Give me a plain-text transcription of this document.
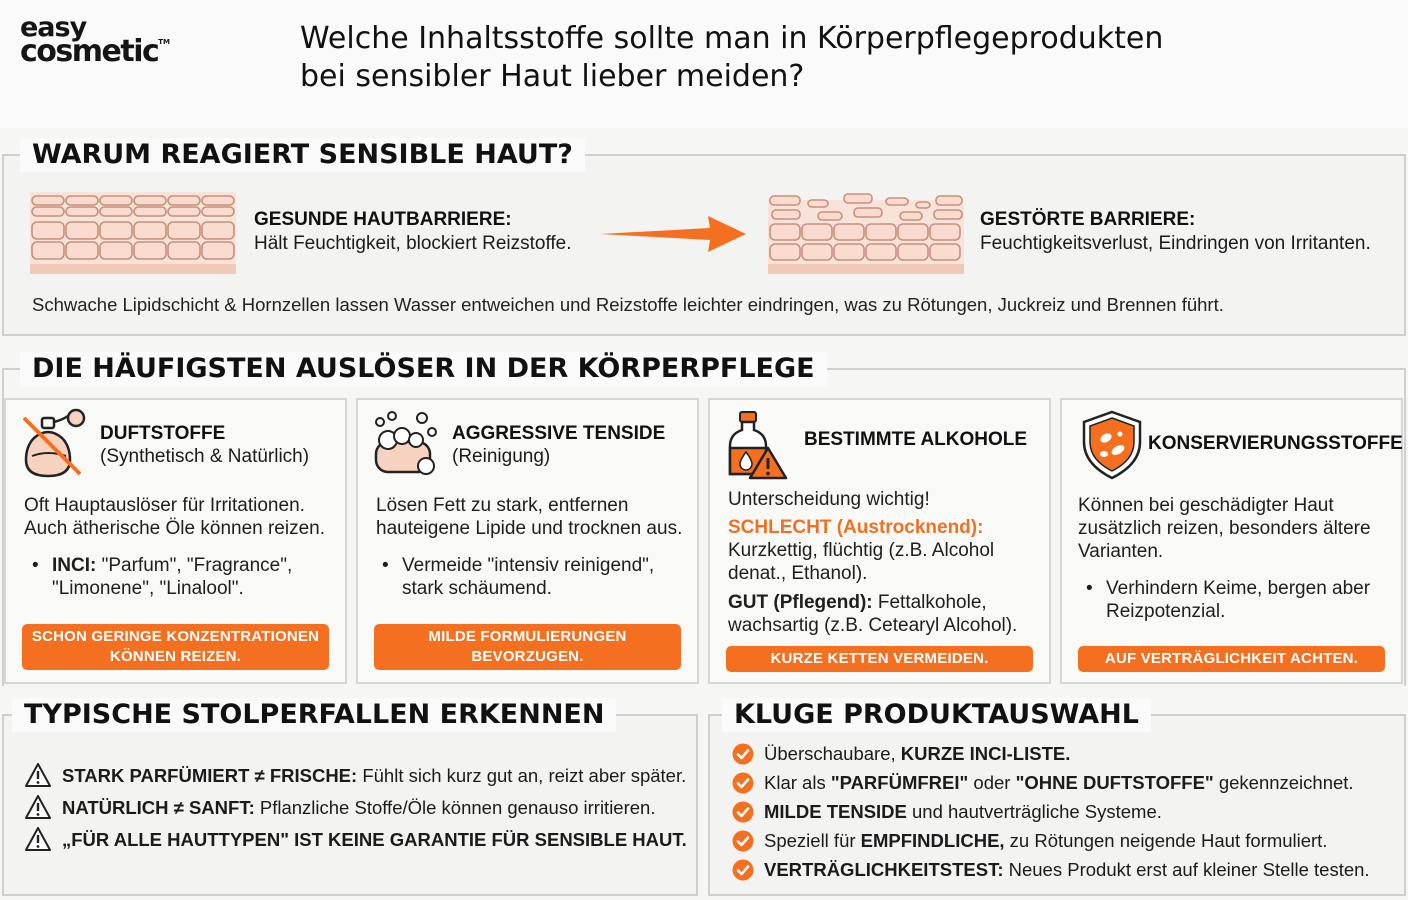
easy
cosmetic™	Welche Inhaltsstoffe sollte man in Körperpflegeprodukten
bei sensibler Haut lieber meiden?
WARUM REAGIERT SENSIBLE HAUT?
GESUNDE HAUTBARRIERE:
Hält Feuchtigkeit, blockiert Reizstoffe.
GESTÖRTE BARRIERE:
Feuchtigkeitsverlust, Eindringen von Irritanten.
Schwache Lipidschicht & Hornzellen lassen Wasser entweichen und Reizstoffe leichter eindringen, was zu Rötungen, Juckreiz und Brennen führt.
DIE HÄUFIGSTEN AUSLÖSER IN DER KÖRPERPFLEGE
DUFTSTOFFE
(Synthetisch & Natürlich)
Oft Hauptauslöser für Irritationen.
Auch ätherische Öle können reizen.
• INCI: "Parfum", "Fragrance",
"Limonene", "Linalool".
SCHON GERINGE KONZENTRATIONEN
KÖNNEN REIZEN.
AGGRESSIVE TENSIDE
(Reinigung)
Lösen Fett zu stark, entfernen
hauteigene Lipide und trocknen aus.
• Vermeide "intensiv reinigend",
stark schäumend.
MILDE FORMULIERUNGEN
BEVORZUGEN.
BESTIMMTE ALKOHOLE
Unterscheidung wichtig!
SCHLECHT (Austrocknend):
Kurzkettig, flüchtig (z.B. Alcohol
denat., Ethanol).
GUT (Pflegend): Fettalkohole,
wachsartig (z.B. Cetearyl Alcohol).
KURZE KETTEN VERMEIDEN.
KONSERVIERUNGSSTOFFE
Können bei geschädigter Haut
zusätzlich reizen, besonders ältere
Varianten.
• Verhindern Keime, bergen aber
Reizpotenzial.
AUF VERTRÄGLICHKEIT ACHTEN.
TYPISCHE STOLPERFALLEN ERKENNEN
STARK PARFÜMIERT ≠ FRISCHE: Fühlt sich kurz gut an, reizt aber später.
NATÜRLICH ≠ SANFT: Pflanzliche Stoffe/Öle können genauso irritieren.
„FÜR ALLE HAUTTYPEN" IST KEINE GARANTIE FÜR SENSIBLE HAUT.
KLUGE PRODUKTAUSWAHL
Überschaubare, KURZE INCI-LISTE.
Klar als "PARFÜMFREI" oder "OHNE DUFTSTOFFE" gekennzeichnet.
MILDE TENSIDE und hautverträgliche Systeme.
Speziell für EMPFINDLICHE, zu Rötungen neigende Haut formuliert.
VERTRÄGLICHKEITSTEST: Neues Produkt erst auf kleiner Stelle testen.
